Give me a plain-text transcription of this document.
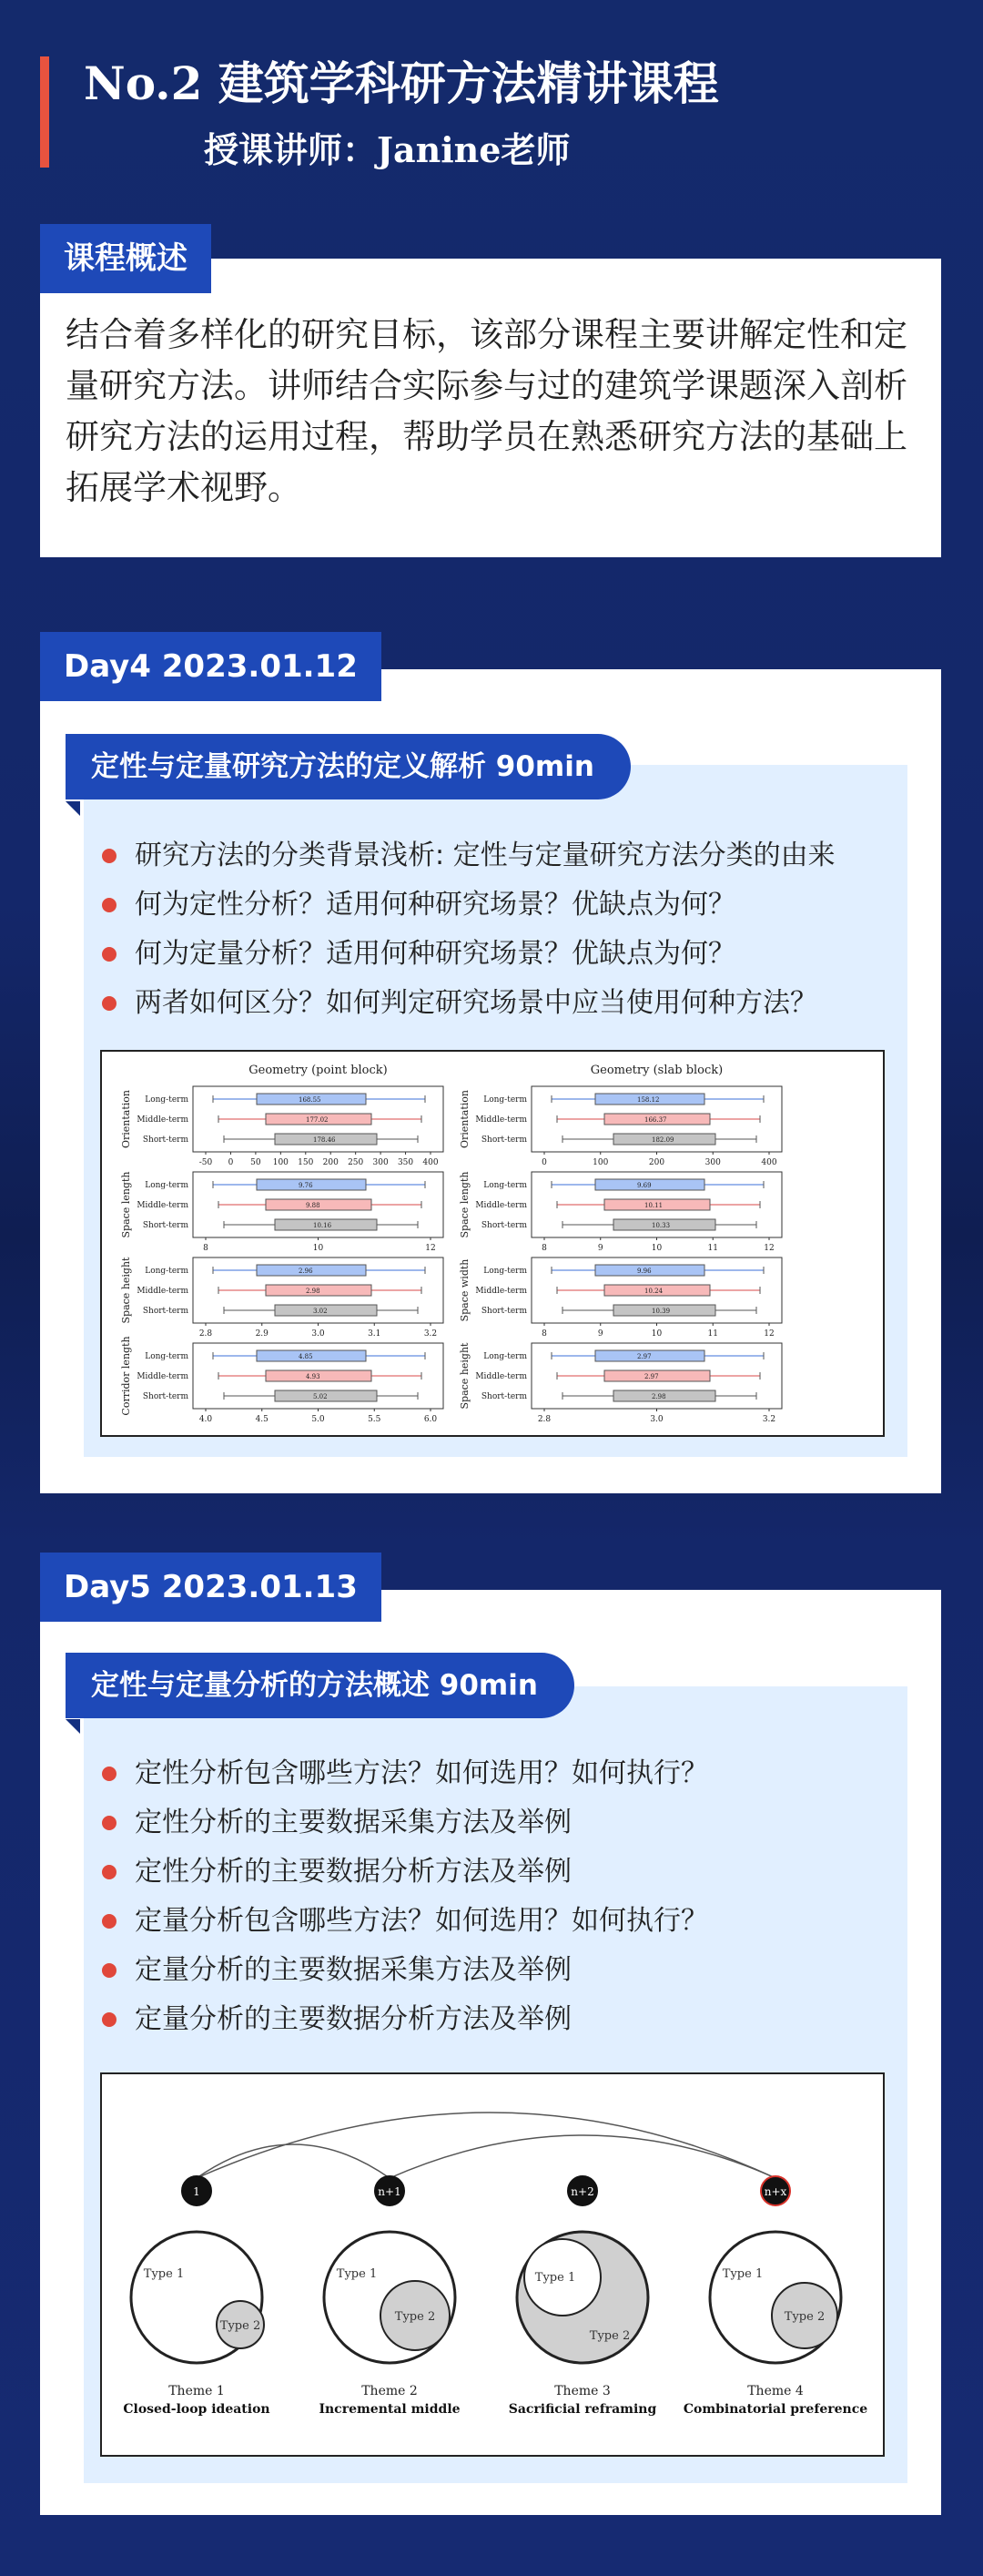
No.2 建筑学科研方法精讲课程
授课讲师：Janine老师
课程概述
结合着多样化的研究目标，该部分课程主要讲解定性和定量研究方法。讲师结合实际参与过的建筑学课题深入剖析研究方法的运用过程，帮助学员在熟悉研究方法的基础上拓展学术视野。
Day4 2023.01.12
定性与定量研究方法的定义解析 90min
研究方法的分类背景浅析: 定性与定量研究方法分类的由来
何为定性分析？适用何种研究场景？优缺点为何？
何为定量分析？适用何种研究场景？优缺点为何？
两者如何区分？如何判定研究场景中应当使用何种方法？
Geometry (point block)
Orientation
-50 0 50 100 150 200 250 300 350 400
Long-term	168.55
Middle-term	177.02
Short-term	178.46
Space length
8	10	12
Long-term	9.76
Middle-term	9.88
Short-term	10.16
Space height
2.8	2.9	3.0	3.1	3.2
Long-term	2.96
Middle-term	2.98
Short-term	3.02
Corridor length
4.0	4.5	5.0	5.5	6.0
Long-term	4.85
Middle-term	4.93
Short-term	5.02
Geometry (slab block)
Orientation
0	100	200	300	400
Long-term	158.12
Middle-term	166.37
Short-term	182.09
Space length
8	9	10	11	12
Long-term	9.69
Middle-term	10.11
Short-term	10.33
Space width
8	9	10	11	12
Long-term	9.96
Middle-term	10.24
Short-term	10.39
Space height
2.8	3.0	3.2
Long-term	2.97
Middle-term	2.97
Short-term	2.98
Day5 2023.01.13
定性与定量分析的方法概述 90min
定性分析包含哪些方法？如何选用？如何执行？
定性分析的主要数据采集方法及举例
定性分析的主要数据分析方法及举例
定量分析包含哪些方法？如何选用？如何执行？
定量分析的主要数据采集方法及举例
定量分析的主要数据分析方法及举例
1	n+1	n+2	n+x
Type 1
Type 2
Theme 1
Closed-loop ideation
Type 1
Type 2
Theme 2
Incremental middle
Type 1
Type 2
Theme 3
Sacrificial reframing
Type 1
Type 2
Theme 4
Combinatorial preference
